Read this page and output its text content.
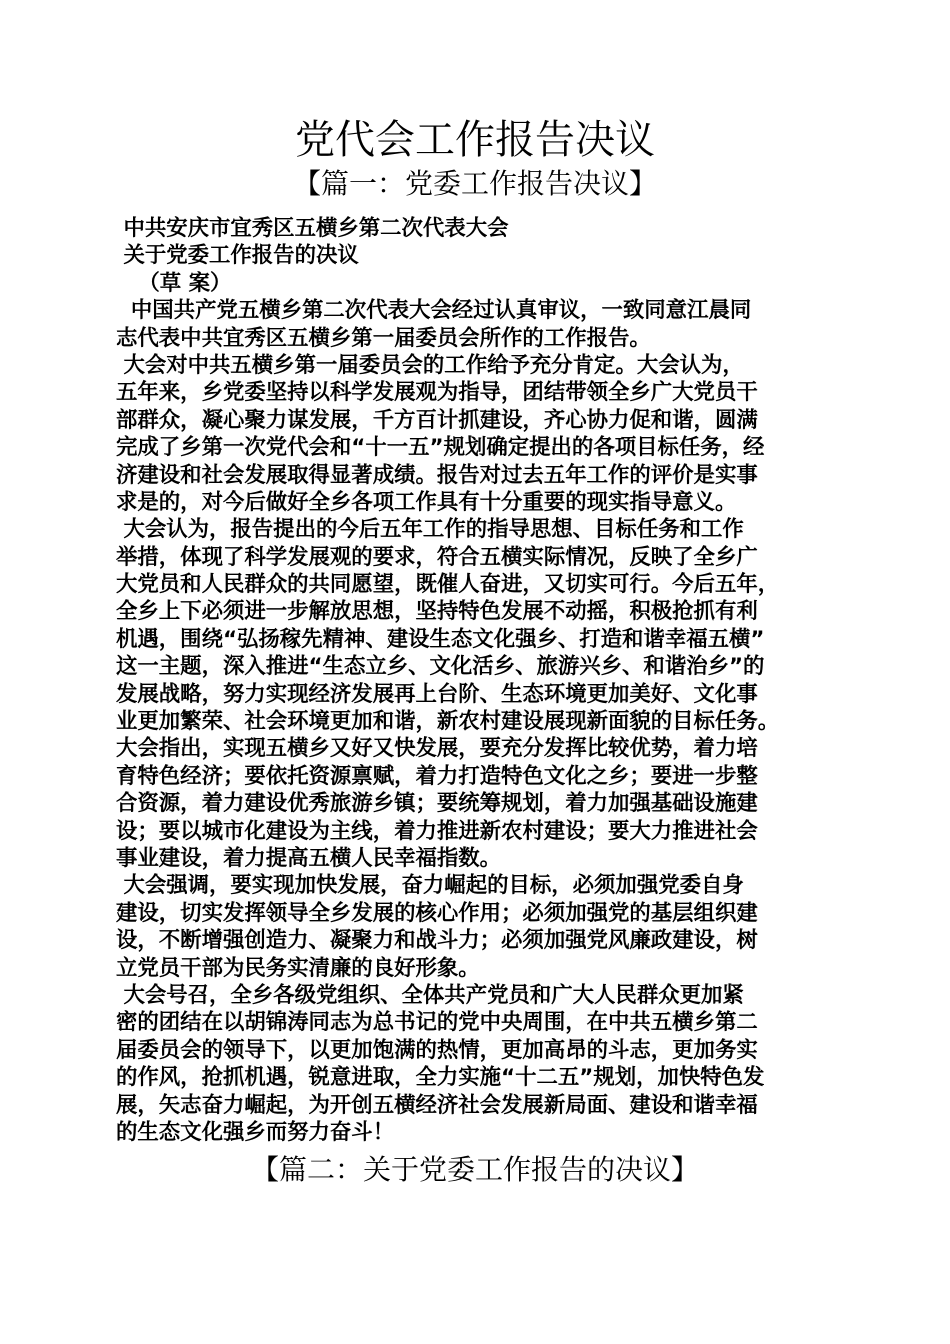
党代会工作报告决议
【篇一：党委工作报告决议】
中共安庆市宜秀区五横乡第二次代表大会
关于党委工作报告的决议
（草 案）
中国共产党五横乡第二次代表大会经过认真审议，一致同意江晨同
志代表中共宜秀区五横乡第一届委员会所作的工作报告。
大会对中共五横乡第一届委员会的工作给予充分肯定。大会认为，
五年来，乡党委坚持以科学发展观为指导，团结带领全乡广大党员干
部群众，凝心聚力谋发展，千方百计抓建设，齐心协力促和谐，圆满
完成了乡第一次党代会和“十一五”规划确定提出的各项目标任务，经
济建设和社会发展取得显著成绩。报告对过去五年工作的评价是实事
求是的，对今后做好全乡各项工作具有十分重要的现实指导意义。
大会认为，报告提出的今后五年工作的指导思想、目标任务和工作
举措，体现了科学发展观的要求，符合五横实际情况，反映了全乡广
大党员和人民群众的共同愿望，既催人奋进，又切实可行。今后五年，
全乡上下必须进一步解放思想，坚持特色发展不动摇，积极抢抓有利
机遇，围绕“弘扬稼先精神、建设生态文化强乡、打造和谐幸福五横”
这一主题，深入推进“生态立乡、文化活乡、旅游兴乡、和谐治乡”的
发展战略，努力实现经济发展再上台阶、生态环境更加美好、文化事
业更加繁荣、社会环境更加和谐，新农村建设展现新面貌的目标任务。
大会指出，实现五横乡又好又快发展，要充分发挥比较优势，着力培
育特色经济；要依托资源禀赋，着力打造特色文化之乡；要进一步整
合资源，着力建设优秀旅游乡镇；要统筹规划，着力加强基础设施建
设；要以城市化建设为主线，着力推进新农村建设；要大力推进社会
事业建设，着力提高五横人民幸福指数。
大会强调，要实现加快发展，奋力崛起的目标，必须加强党委自身
建设，切实发挥领导全乡发展的核心作用；必须加强党的基层组织建
设，不断增强创造力、凝聚力和战斗力；必须加强党风廉政建设，树
立党员干部为民务实清廉的良好形象。
大会号召，全乡各级党组织、全体共产党员和广大人民群众更加紧
密的团结在以胡锦涛同志为总书记的党中央周围，在中共五横乡第二
届委员会的领导下，以更加饱满的热情，更加高昂的斗志，更加务实
的作风，抢抓机遇，锐意进取，全力实施“十二五”规划，加快特色发
展，矢志奋力崛起，为开创五横经济社会发展新局面、建设和谐幸福
的生态文化强乡而努力奋斗！
【篇二：关于党委工作报告的决议】
